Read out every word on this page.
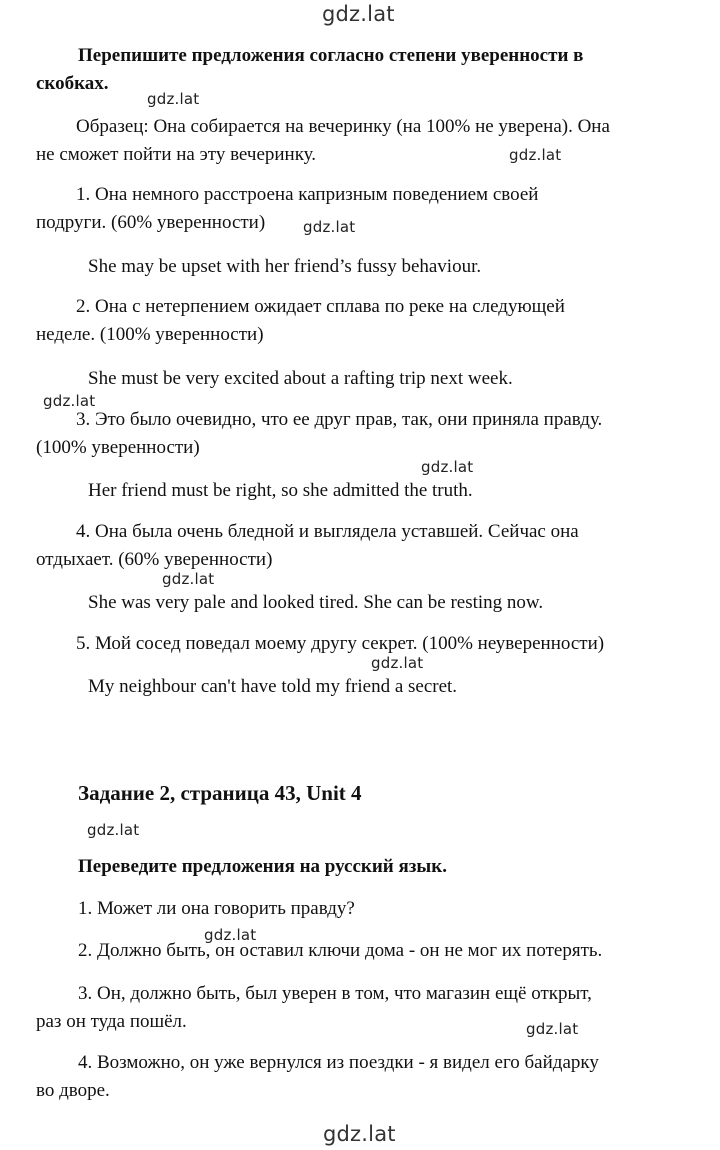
gdz.lat
gdz.lat
gdz.lat
gdz.lat
gdz.lat
gdz.lat
gdz.lat
gdz.lat
gdz.lat
gdz.lat
gdz.lat
gdz.lat
Перепишите предложения согласно степени уверенности в
скобках.
Образец: Она собирается на вечеринку (на 100% не уверена). Она
не сможет пойти на эту вечеринку.
1. Она немного расстроена капризным поведением своей
подруги. (60% уверенности)
She may be upset with her friend’s fussy behaviour.
2. Она с нетерпением ожидает сплава по реке на следующей
неделе. (100% уверенности)
She must be very excited about a rafting trip next week.
3. Это было очевидно, что ее друг прав, так, они приняла правду.
(100% уверенности)
Her friend must be right, so she admitted the truth.
4. Она была очень бледной и выглядела уставшей. Сейчас она
отдыхает. (60% уверенности)
She was very pale and looked tired. She can be resting now.
5. Мой сосед поведал моему другу секрет. (100% неуверенности)
My neighbour can't have told my friend a secret.
Задание 2, страница 43, Unit 4
Переведите предложения на русский язык.
1. Может ли она говорить правду?
2. Должно быть, он оставил ключи дома - он не мог их потерять.
3. Он, должно быть, был уверен в том, что магазин ещё открыт,
раз он туда пошёл.
4. Возможно, он уже вернулся из поездки - я видел его байдарку
во дворе.
